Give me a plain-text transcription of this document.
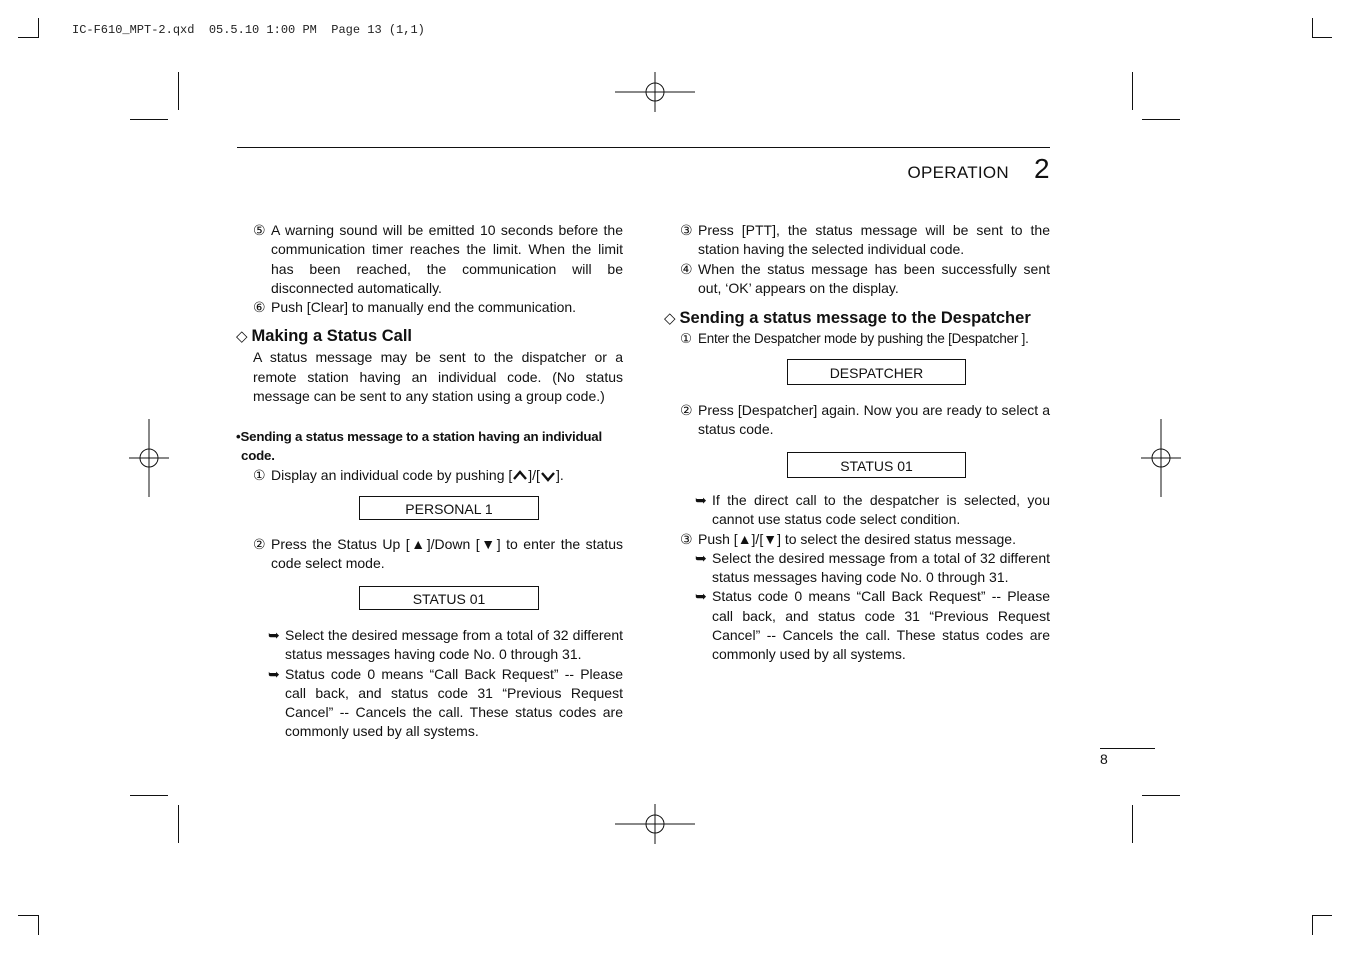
IC-F610_MPT-2.qxd  05.5.10 1:00 PM  Page 13 (1,1)
OPERATION 2

⑤ A warning sound will be emitted 10 seconds before the communication timer reaches the limit. When the limit has been reached, the communication will be disconnected automatically.

⑥ Push [Clear] to manually end the communication.

◇ Making a Status Call

A status message may be sent to the dispatcher or a remote station having an individual code. (No status message can be sent to any station using a group code.)

•Sending a status message to a station having an individual code.

① Display an individual code by pushing [ ]/[ ].

PERSONAL 1

② Press the Status Up [▲]/Down [▼] to enter the status code select mode.

STATUS 01

➥ Select the desired message from a total of 32 different status messages having code No. 0 through 31.

➥ Status code 0 means “Call Back Request” -- Please call back, and status code 31 “Previous Request Cancel” -- Cancels the call. These status codes are commonly used by all systems.

③ Press [PTT], the status message will be sent to the station having the selected individual code.

④ When the status message has been successfully sent out, ‘OK’ appears on the display.

◇ Sending a status message to the Despatcher

① Enter the Despatcher mode by pushing the [Despatcher ].

DESPATCHER

② Press [Despatcher] again. Now you are ready to select a status code.

STATUS 01

➥ If the direct call to the despatcher is selected, you cannot use status code select condition.

③ Push [▲]/[▼] to select the desired status message.

➥ Select the desired message from a total of 32 different status messages having code No. 0 through 31.

➥ Status code 0 means “Call Back Request” -- Please call back, and status code 31 “Previous Request Cancel” -- Cancels the call. These status codes are commonly used by all systems.

8
